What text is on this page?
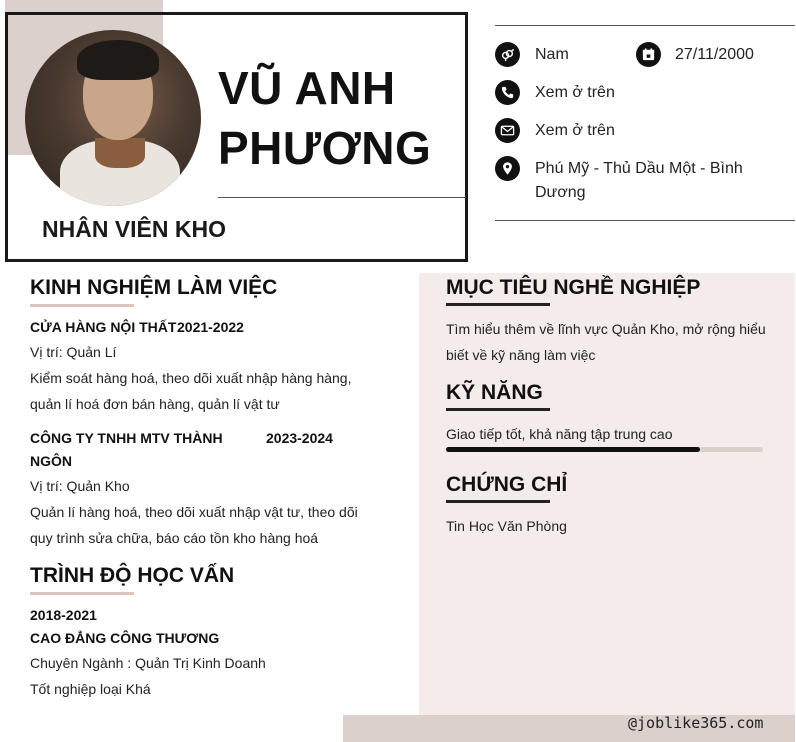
VŨ ANH
PHƯƠNG
NHÂN VIÊN KHO
Nam	27/11/2000
Xem ở trên
Xem ở trên
Phú Mỹ - Thủ Dầu Một - Bình
Dương
KINH NGHIỆM LÀM VIỆC
CỬA HÀNG NỘI THẤT 2021-2022
Vị trí: Quản Lí
Kiểm soát hàng hoá, theo dõi xuất nhập hàng hàng,
quản lí hoá đơn bán hàng, quản lí vật tư
CÔNG TY TNHH MTV THÀNH	2023-2024
NGÔN
Vị trí: Quản Kho
Quản lí hàng hoá, theo dõi xuất nhập vật tư, theo dõi
quy trình sửa chữa, báo cáo tồn kho hàng hoá
TRÌNH ĐỘ HỌC VẤN
2018-2021
CAO ĐẲNG CÔNG THƯƠNG
Chuyên Ngành : Quản Trị Kinh Doanh
Tốt nghiệp loại Khá
MỤC TIÊU NGHỀ NGHIỆP
Tìm hiểu thêm về lĩnh vực Quản Kho, mở rộng hiểu
biết về kỹ năng làm việc
KỸ NĂNG
Giao tiếp tốt, khả năng tập trung cao
CHỨNG CHỈ
Tin Học Văn Phòng
@joblike365.com
